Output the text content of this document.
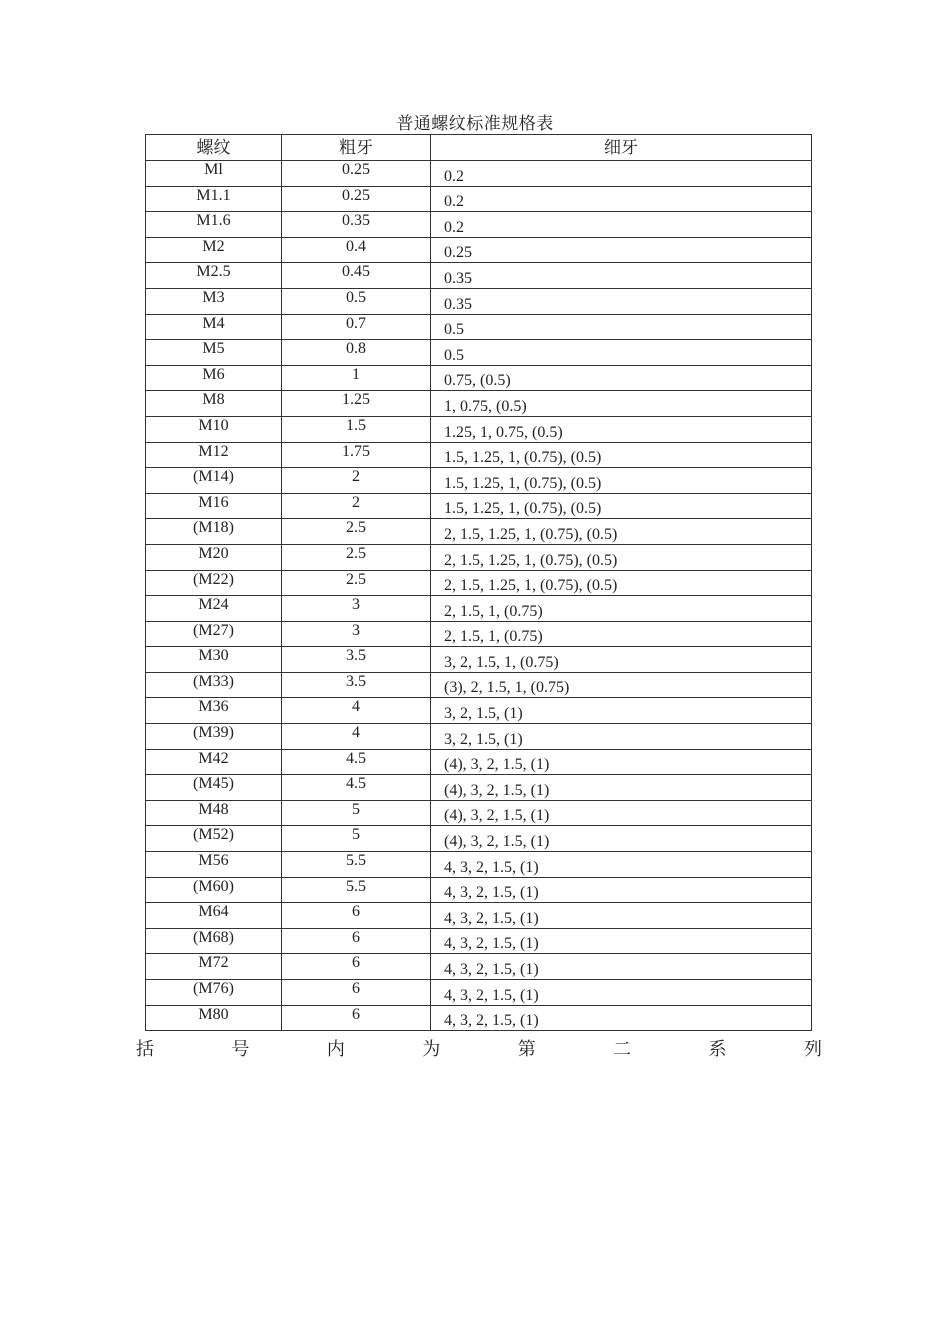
普通螺纹标准规格表
螺纹	粗牙	细牙
Ml	0.25	0.2
M1.1	0.25	0.2
M1.6	0.35	0.2
M2	0.4	0.25
M2.5	0.45	0.35
M3	0.5	0.35
M4	0.7	0.5
M5	0.8	0.5
M6	1	0.75, (0.5)
M8	1.25	1, 0.75, (0.5)
M10	1.5	1.25, 1, 0.75, (0.5)
M12	1.75	1.5, 1.25, 1, (0.75), (0.5)
(M14)	2	1.5, 1.25, 1, (0.75), (0.5)
M16	2	1.5, 1.25, 1, (0.75), (0.5)
(M18)	2.5	2, 1.5, 1.25, 1, (0.75), (0.5)
M20	2.5	2, 1.5, 1.25, 1, (0.75), (0.5)
(M22)	2.5	2, 1.5, 1.25, 1, (0.75), (0.5)
M24	3	2, 1.5, 1, (0.75)
(M27)	3	2, 1.5, 1, (0.75)
M30	3.5	3, 2, 1.5, 1, (0.75)
(M33)	3.5	(3), 2, 1.5, 1, (0.75)
M36	4	3, 2, 1.5, (1)
(M39)	4	3, 2, 1.5, (1)
M42	4.5	(4), 3, 2, 1.5, (1)
(M45)	4.5	(4), 3, 2, 1.5, (1)
M48	5	(4), 3, 2, 1.5, (1)
(M52)	5	(4), 3, 2, 1.5, (1)
M56	5.5	4, 3, 2, 1.5, (1)
(M60)	5.5	4, 3, 2, 1.5, (1)
M64	6	4, 3, 2, 1.5, (1)
(M68)	6	4, 3, 2, 1.5, (1)
M72	6	4, 3, 2, 1.5, (1)
(M76)	6	4, 3, 2, 1.5, (1)
M80	6	4, 3, 2, 1.5, (1)
括	号	内	为	第	二	系	列
